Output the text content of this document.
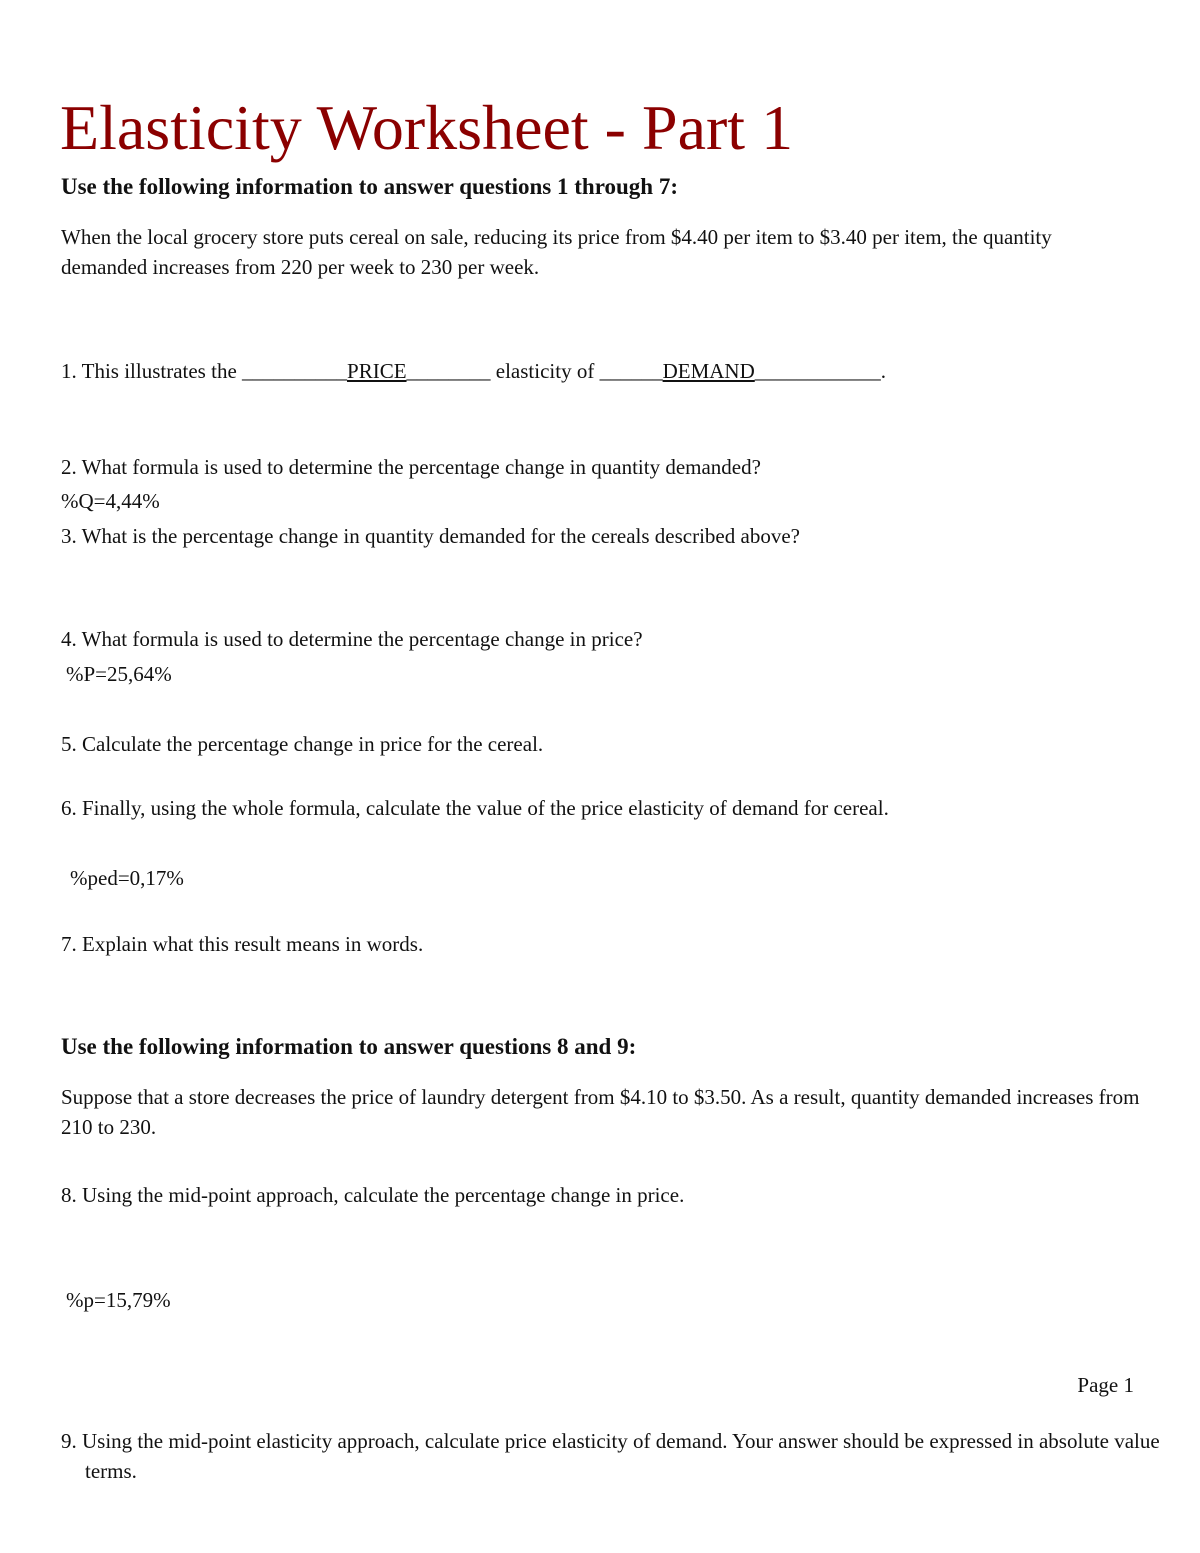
Elasticity Worksheet - Part 1
Use the following information to answer questions 1 through 7:

When the local grocery store puts cereal on sale, reducing its price from $4.40 per item to $3.40 per item, the quantity demanded increases from 220 per week to 230 per week.

1. This illustrates the __________PRICE________ elasticity of ______DEMAND____________.
2. What formula is used to determine the percentage change in quantity demanded?
%Q=4,44%
3. What is the percentage change in quantity demanded for the cereals described above?
4. What formula is used to determine the percentage change in price?
%P=25,64%
5. Calculate the percentage change in price for the cereal.
6. Finally, using the whole formula, calculate the value of the price elasticity of demand for cereal.
%ped=0,17%
7. Explain what this result means in words.
Use the following information to answer questions 8 and 9:

Suppose that a store decreases the price of laundry detergent from $4.10 to $3.50. As a result, quantity demanded increases from 210 to 230.

8. Using the mid-point approach, calculate the percentage change in price.
%p=15,79%
Page 1

9. Using the mid-point elasticity approach, calculate price elasticity of demand. Your answer should be expressed in absolute value terms.
